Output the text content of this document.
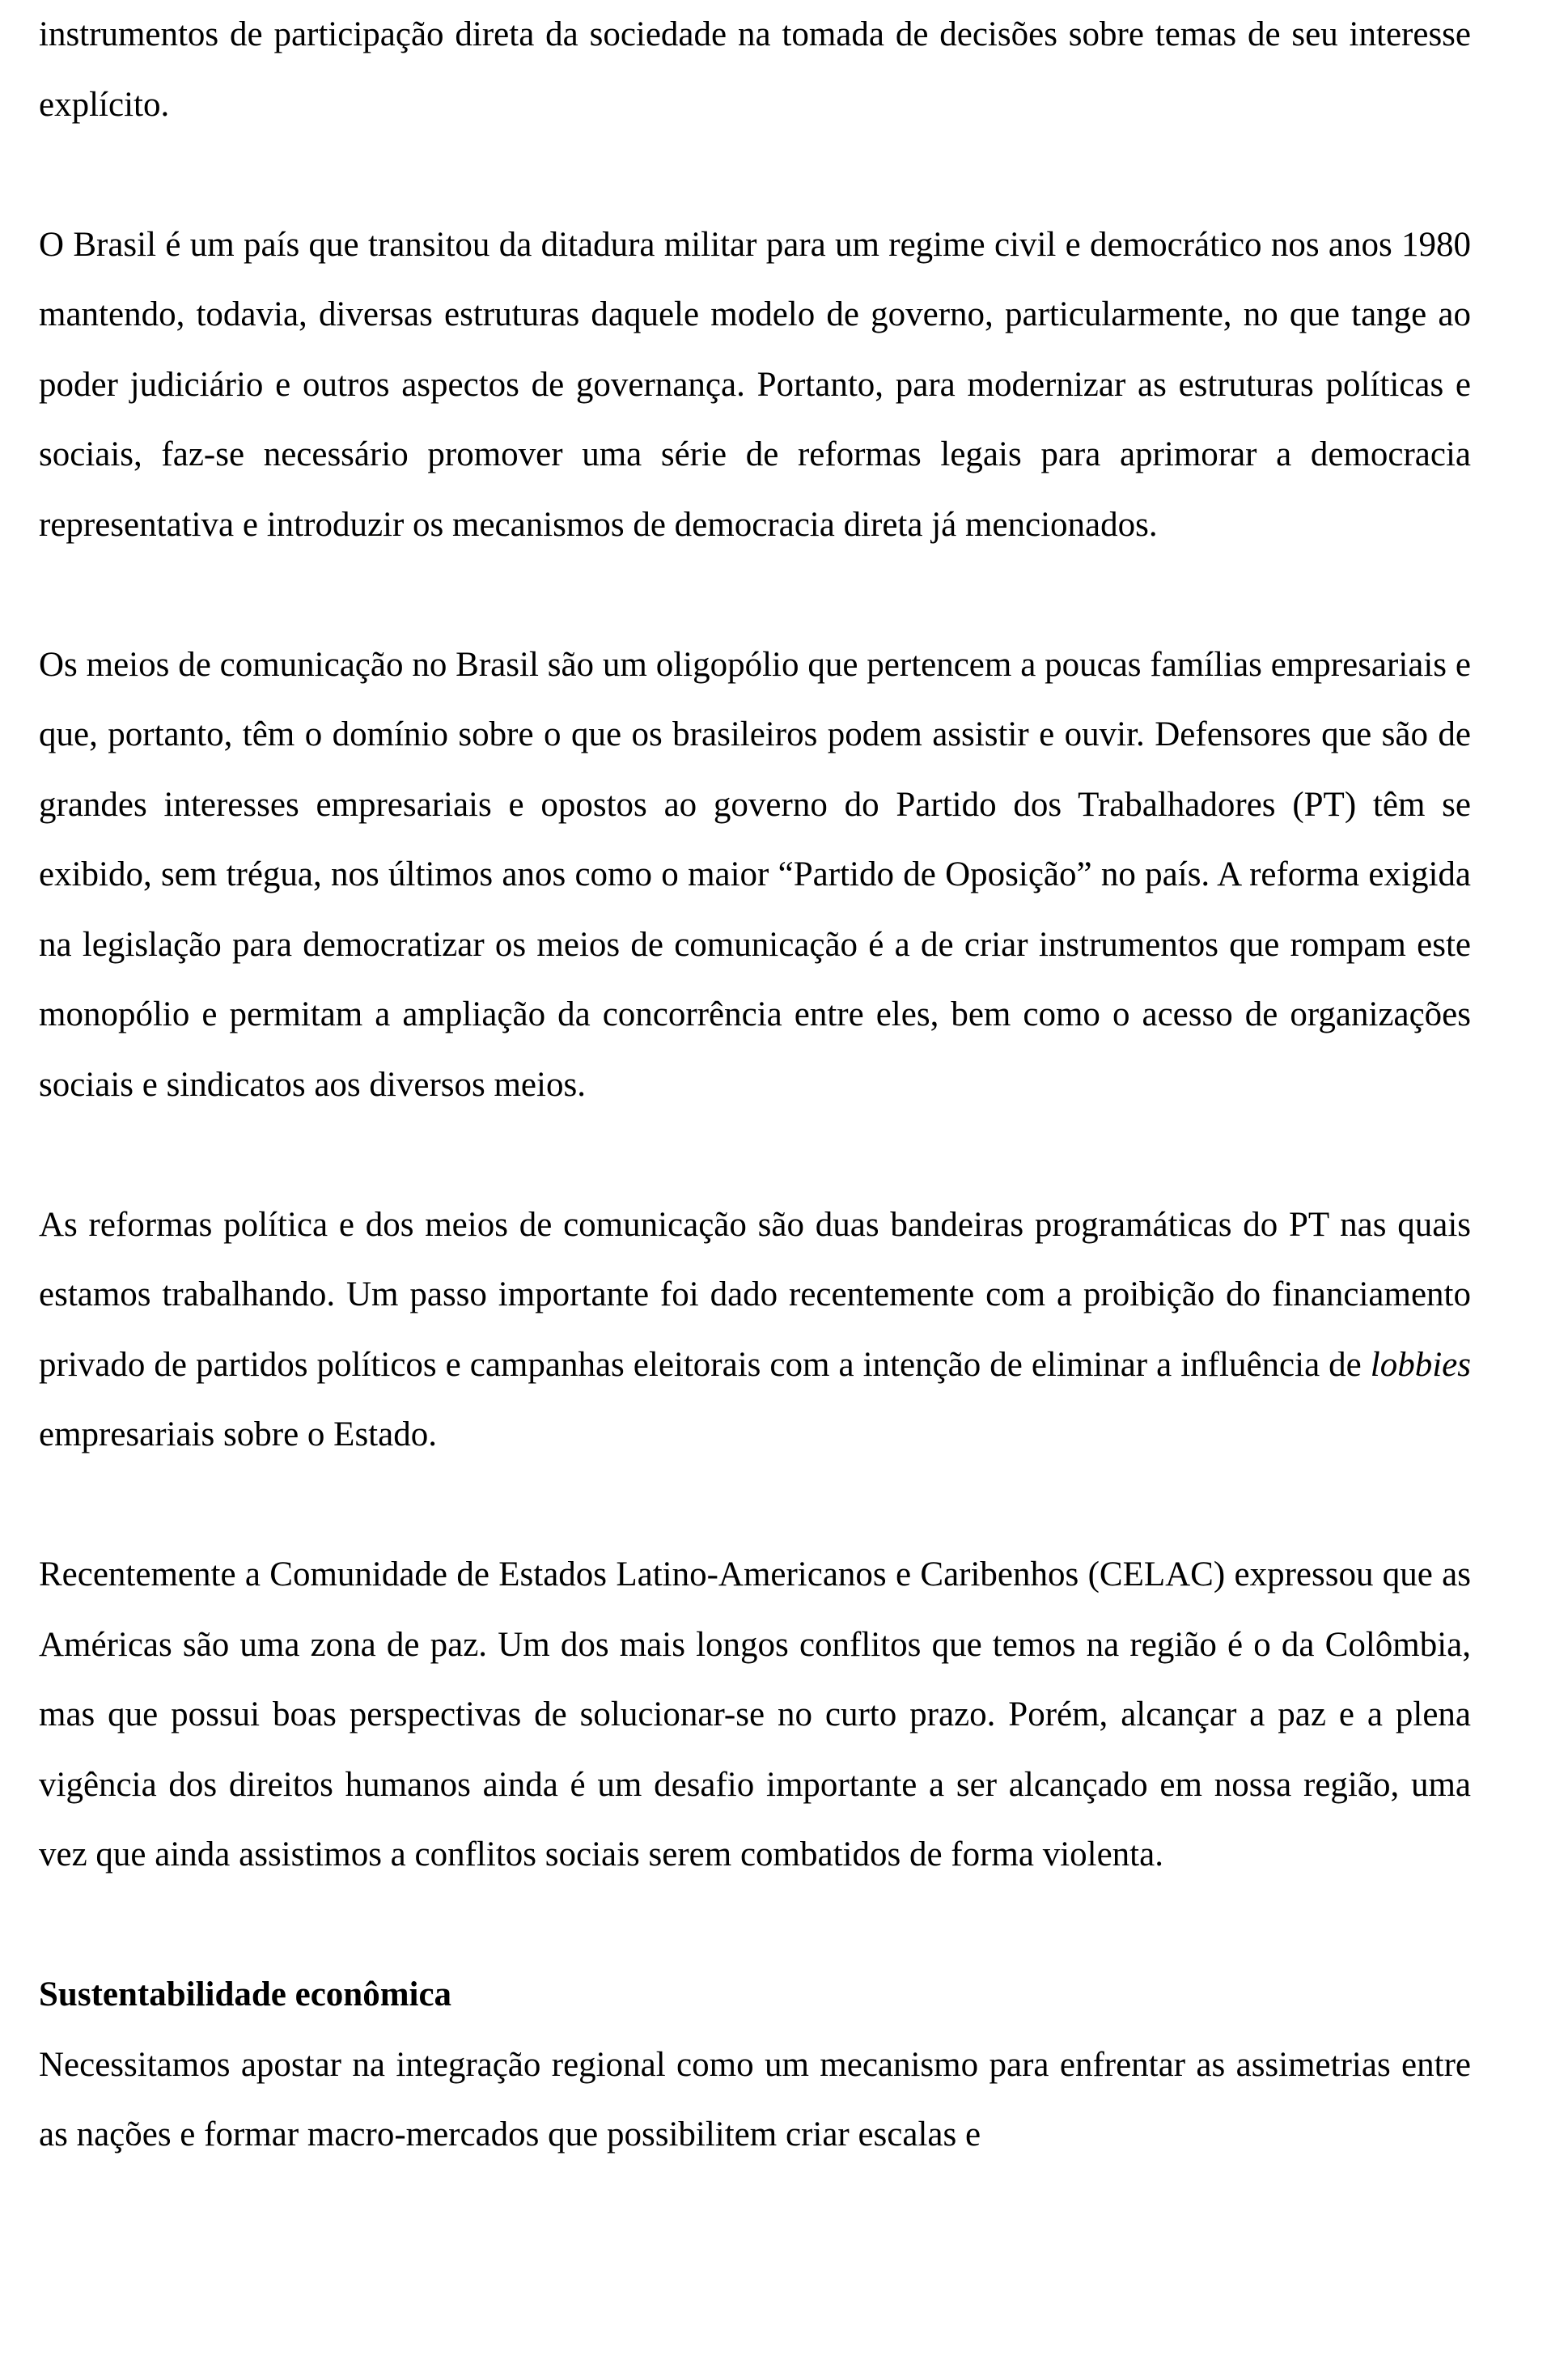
instrumentos de participação direta da sociedade na tomada de decisões sobre temas de seu interesse explícito.

O Brasil é um país que transitou da ditadura militar para um regime civil e democrático nos anos 1980 mantendo, todavia, diversas estruturas daquele modelo de governo, particularmente, no que tange ao poder judiciário e outros aspectos de governança. Portanto, para modernizar as estruturas políticas e sociais, faz-se necessário promover uma série de reformas legais para aprimorar a democracia representativa e introduzir os mecanismos de democracia direta já mencionados.

Os meios de comunicação no Brasil são um oligopólio que pertencem a poucas famílias empresariais e que, portanto, têm o domínio sobre o que os brasileiros podem assistir e ouvir. Defensores que são de grandes interesses empresariais e opostos ao governo do Partido dos Trabalhadores (PT) têm se exibido, sem trégua, nos últimos anos como o maior “Partido de Oposição” no país. A reforma exigida na legislação para democratizar os meios de comunicação é a de criar instrumentos que rompam este monopólio e permitam a ampliação da concorrência entre eles, bem como o acesso de organizações sociais e sindicatos aos diversos meios.

As reformas política e dos meios de comunicação são duas bandeiras programáticas do PT nas quais estamos trabalhando. Um passo importante foi dado recentemente com a proibição do financiamento privado de partidos políticos e campanhas eleitorais com a intenção de eliminar a influência de lobbies empresariais sobre o Estado.

Recentemente a Comunidade de Estados Latino-Americanos e Caribenhos (CELAC) expressou que as Américas são uma zona de paz. Um dos mais longos conflitos que temos na região é o da Colômbia, mas que possui boas perspectivas de solucionar-se no curto prazo. Porém, alcançar a paz e a plena vigência dos direitos humanos ainda é um desafio importante a ser alcançado em nossa região, uma vez que ainda assistimos a conflitos sociais serem combatidos de forma violenta.

Sustentabilidade econômica

Necessitamos apostar na integração regional como um mecanismo para enfrentar as assimetrias entre as nações e formar macro-mercados que possibilitem criar escalas e
